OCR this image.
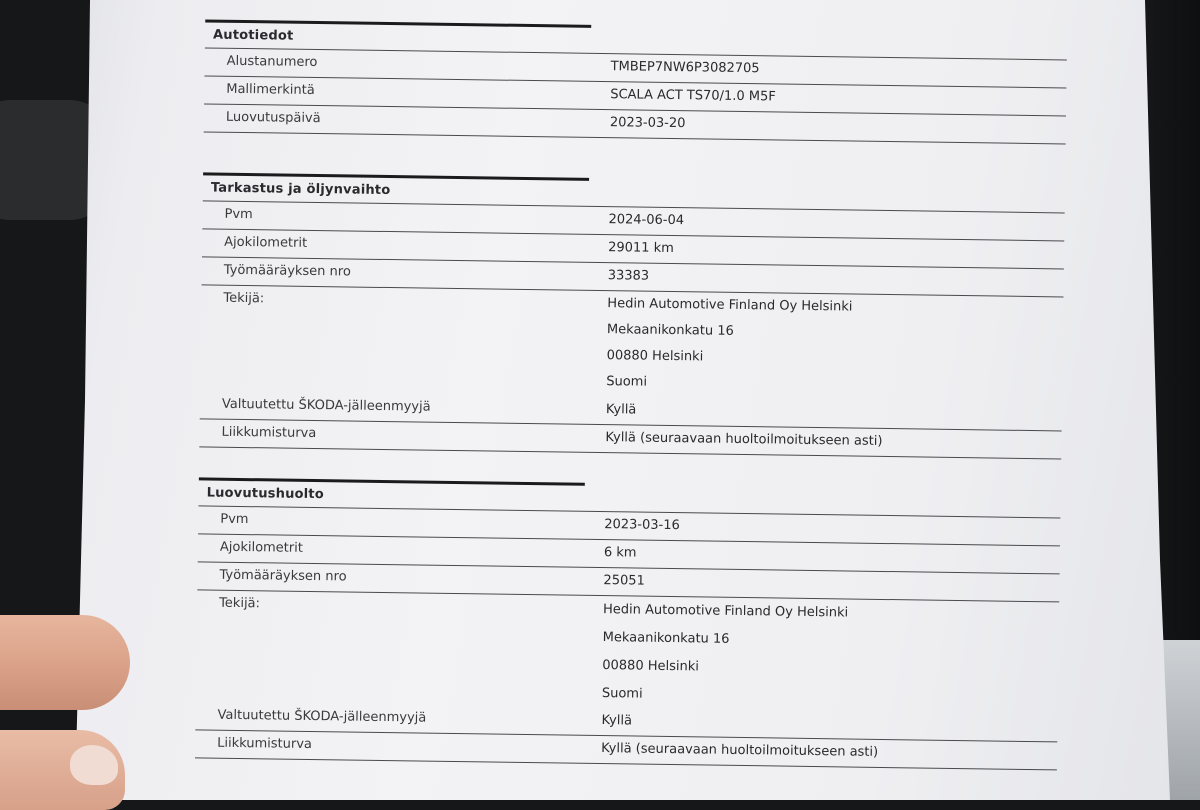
Autotiedot
Alustanumero	TMBEP7NW6P3082705
Mallimerkintä	SCALA ACT TS70/1.0 M5F
Luovutuspäivä	2023-03-20
Tarkastus ja öljynvaihto
Pvm	2024-06-04
Ajokilometrit	29011 km
Työmääräyksen nro	33383
Tekijä:	Hedin Automotive Finland Oy Helsinki
Mekaanikonkatu 16
00880 Helsinki
Suomi
Valtuutettu ŠKODA-jälleenmyyjä	Kyllä
Liikkumisturva	Kyllä (seuraavaan huoltoilmoitukseen asti)
Luovutushuolto
Pvm	2023-03-16
Ajokilometrit	6 km
Työmääräyksen nro	25051
Tekijä:	Hedin Automotive Finland Oy Helsinki
Mekaanikonkatu 16
00880 Helsinki
Suomi
Valtuutettu ŠKODA-jälleenmyyjä	Kyllä
Liikkumisturva	Kyllä (seuraavaan huoltoilmoitukseen asti)
